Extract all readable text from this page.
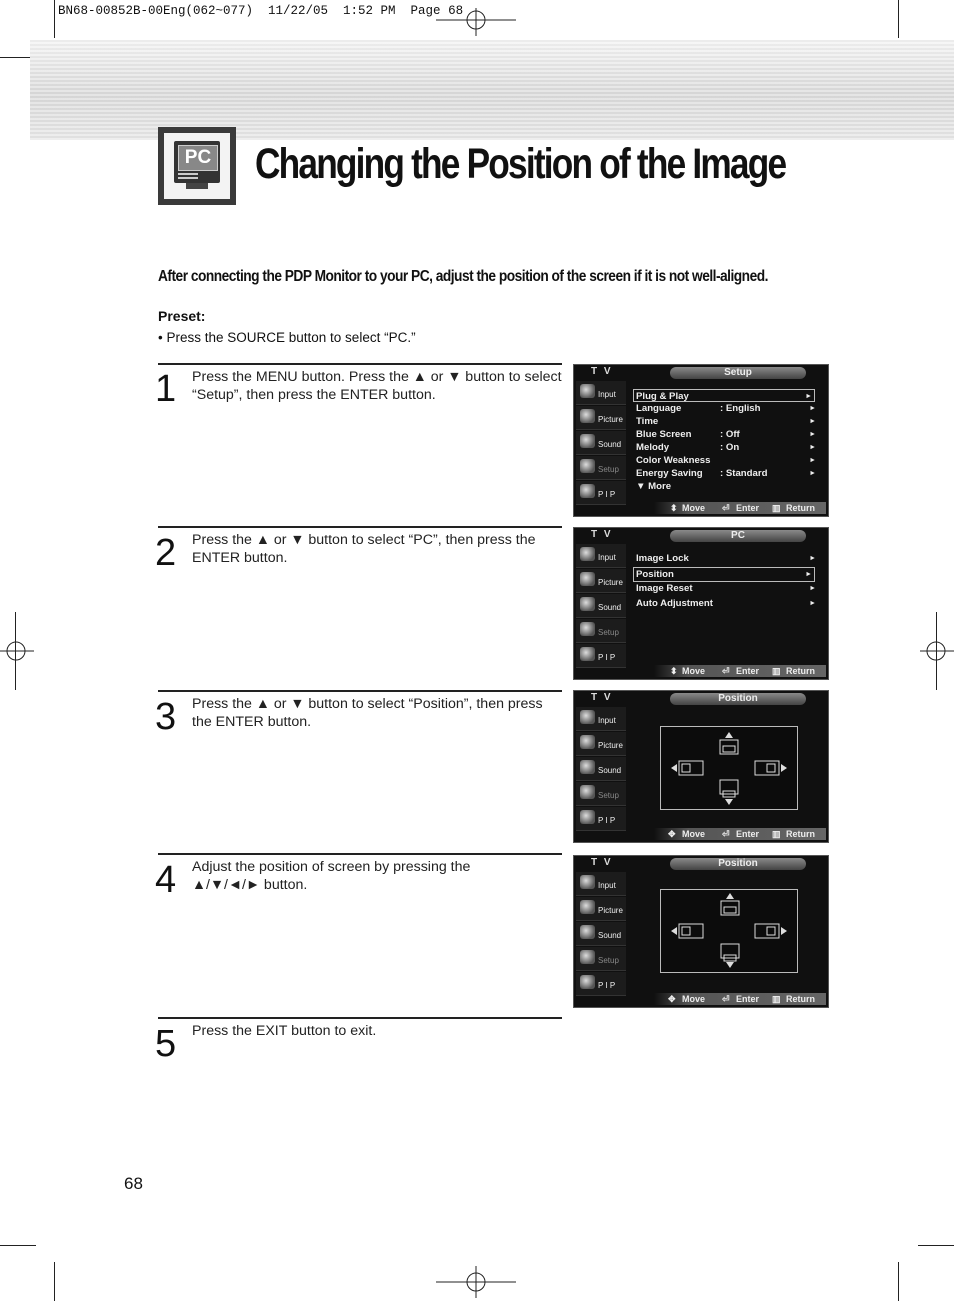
BN68-00852B-00Eng(062~077)  11/22/05  1:52 PM  Page 68
PC Changing the Position of the Image
After connecting the PDP Monitor to your PC, adjust the position of the screen if it is not well-aligned.
Preset:
• Press the SOURCE button to select “PC.”
1 Press the MENU button. Press the ▲ or ▼ button to select “Setup”, then press the ENTER button.
2 Press the ▲ or ▼ button to select “PC”, then press the ENTER button.
3 Press the ▲ or ▼ button to select “Position”, then press the ENTER button.
4 Adjust the position of screen by pressing the ▲/▼/◄/► button.
5 Press the EXIT button to exit.
T V	Setup
Input
Picture
Sound
Setup
P I P
Plug & Play	►
Language	: English	►
Time	►
Blue Screen	: Off	►
Melody	: On	►
Color Weakness	►
Energy Saving : Standard	►
▼ More
⬍ Move ⏎ Enter ▥ Return
T V	PC
Input
Picture
Sound
Setup
P I P
Image Lock	►
Position	►
Image Reset	►
Auto Adjustment	►
⬍ Move ⏎ Enter ▥ Return
T V	Position
Input
Picture
Sound
Setup
P I P
✥ Move ⏎ Enter ▥ Return
T V	Position
Input
Picture
Sound
Setup
P I P
✥ Move ⏎ Enter ▥ Return
68
